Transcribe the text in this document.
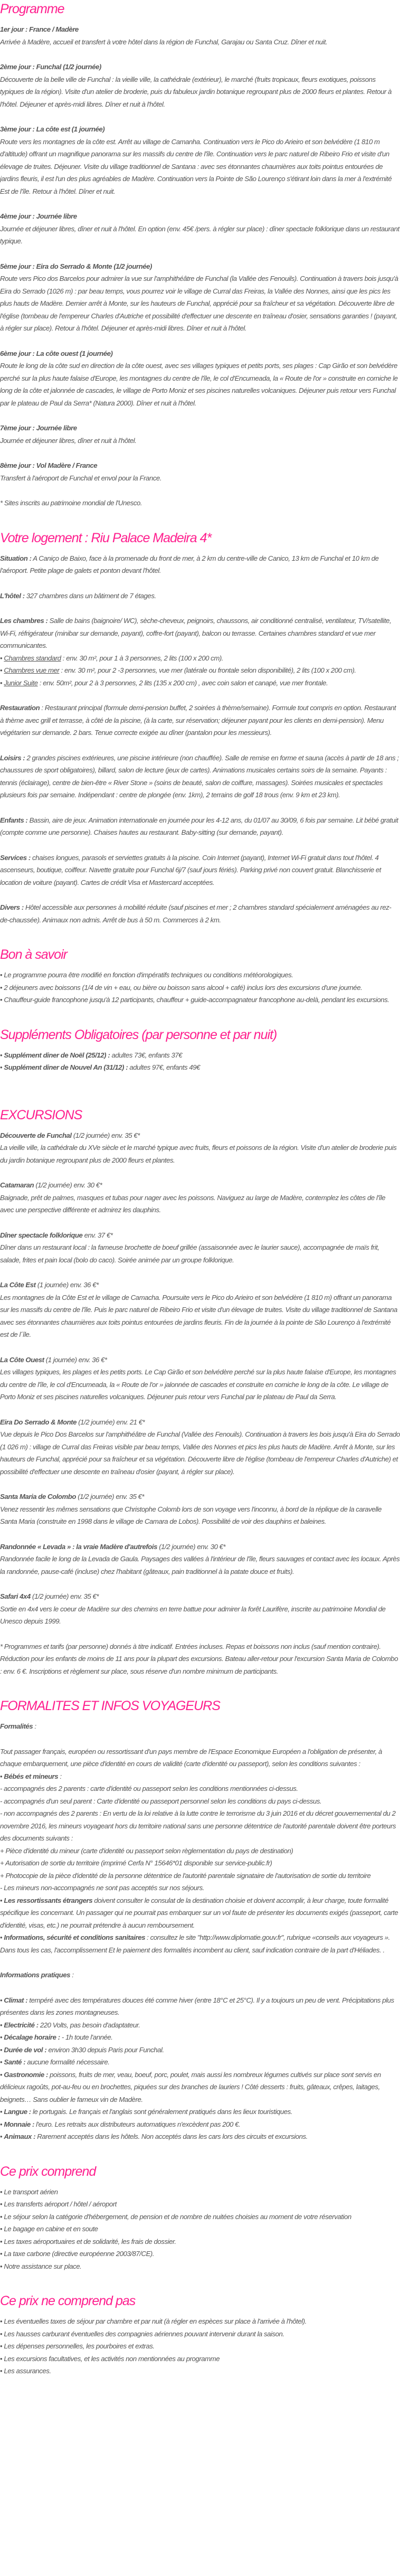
Programme

1er jour : France / Madère

Arrivée à Madère, accueil et transfert à votre hôtel dans la région de Funchal, Garajau ou Santa Cruz. Dîner et nuit.

2ème jour : Funchal (1/2 journée)

Découverte de la belle ville de Funchal : la vieille ville, la cathédrale (extérieur), le marché (fruits tropicaux, fleurs exotiques, poissons typiques de la région). Visite d'un atelier de broderie, puis du fabuleux jardin botanique regroupant plus de 2000 fleurs et plantes. Retour à l'hôtel. Déjeuner et après-midi libres. Dîner et nuit à l'hôtel.

3ème jour : La côte est (1 journée)

Route vers les montagnes de la côte est. Arrêt au village de Camanha. Continuation vers le Pico do Arieiro et son belvédère (1 810 m d'altitude) offrant un magnifique panorama sur les massifs du centre de l'île. Continuation vers le parc naturel de Ribeiro Frio et visite d'un élevage de truites. Déjeuner. Visite du village traditionnel de Santana : avec ses étonnantes chaumières aux toits pointus entourées de jardins fleuris, il est l'un des plus agréables de Madère. Continuation vers la Pointe de São Lourenço s'étirant loin dans la mer à l'extrémité Est de l'île. Retour à l'hôtel. Dîner et nuit.

4ème jour : Journée libre

Journée et déjeuner libres, dîner et nuit à l'hôtel. En option (env. 45€ /pers. à régler sur place) : dîner spectacle folklorique dans un restaurant typique.

5ème jour : Eira do Serrado & Monte (1/2 journée)

Route vers Pico dos Barcelos pour admirer la vue sur l'amphithéâtre de Funchal (la Vallée des Fenouils). Continuation à travers bois jusqu'à Eira do Serrado (1026 m) : par beau temps, vous pourrez voir le village de Curral das Freiras, la Vallée des Nonnes, ainsi que les pics les plus hauts de Madère. Dernier arrêt à Monte, sur les hauteurs de Funchal, apprécié pour sa fraîcheur et sa végétation. Découverte libre de l'église (tombeau de l'empereur Charles d'Autriche et possibilité d'effectuer une descente en traîneau d'osier, sensations garanties ! (payant, à régler sur place). Retour à l'hôtel. Déjeuner et après-midi libres. Dîner et nuit à l'hôtel.

6ème jour : La côte ouest (1 journée)

Route le long de la côte sud en direction de la côte ouest, avec ses villages typiques et petits ports, ses plages : Cap Girão et son belvédère perché sur la plus haute falaise d'Europe, les montagnes du centre de l'île, le col d'Encumeada, la « Route de l'or » construite en corniche le long de la côte et jalonnée de cascades, le village de Porto Moniz et ses piscines naturelles volcaniques. Déjeuner puis retour vers Funchal par le plateau de Paul da Serra* (Natura 2000). Dîner et nuit à l'hôtel.

7ème jour : Journée libre

Journée et déjeuner libres, dîner et nuit à l'hôtel.

8ème jour : Vol Madère / France

Transfert à l'aéroport de Funchal et envol pour la France.

* Sites inscrits au patrimoine mondial de l'Unesco.

Votre logement : Riu Palace Madeira 4*

Situation : A Caniço de Baixo, face à la promenade du front de mer, à 2 km du centre-ville de Canico, 13 km de Funchal et 10 km de l'aéroport. Petite plage de galets et ponton devant l'hôtel.

L'hôtel : 327 chambres dans un bâtiment de 7 étages.

Les chambres : Salle de bains (baignoire/ WC), sèche-cheveux, peignoirs, chaussons, air conditionné centralisé, ventilateur, TV/satellite, Wi-Fi, réfrigérateur (minibar sur demande, payant), coffre-fort (payant), balcon ou terrasse. Certaines chambres standard et vue mer communicantes.

• Chambres standard : env. 30 m², pour 1 à 3 personnes, 2 lits (100 x 200 cm).

• Chambres vue mer : env. 30 m², pour 2 -3 personnes, vue mer (latérale ou frontale selon disponibilité), 2 lits (100 x 200 cm).

• Junior Suite : env. 50m², pour 2 à 3 personnes, 2 lits (135 x 200 cm) , avec coin salon et canapé, vue mer frontale.

Restauration : Restaurant principal (formule demi-pension buffet, 2 soirées à thème/semaine). Formule tout compris en option. Restaurant à thème avec grill et terrasse, à côté de la piscine, (à la carte, sur réservation; déjeuner payant pour les clients en demi-pension). Menu végétarien sur demande. 2 bars. Tenue correcte exigée au dîner (pantalon pour les messieurs).

Loisirs : 2 grandes piscines extérieures, une piscine intérieure (non chauffée). Salle de remise en forme et sauna (accès à partir de 18 ans ; chaussures de sport obligatoires), billard, salon de lecture (jeux de cartes). Animations musicales certains soirs de la semaine. Payants : tennis (éclairage), centre de bien-être « River Stone » (soins de beauté, salon de coiffure, massages). Soirées musicales et spectacles plusieurs fois par semaine. Indépendant : centre de plongée (env. 1km), 2 terrains de golf 18 trous (env. 9 km et 23 km).

Enfants : Bassin, aire de jeux. Animation internationale en journée pour les 4-12 ans, du 01/07 au 30/09, 6 fois par semaine. Lit bébé gratuit (compte comme une personne). Chaises hautes au restaurant. Baby-sitting (sur demande, payant).

Services : chaises longues, parasols et serviettes gratuits à la piscine. Coin Internet (payant), Internet Wi-Fi gratuit dans tout l'hôtel. 4 ascenseurs, boutique, coiffeur. Navette gratuite pour Funchal 6j/7 (sauf jours fériés). Parking privé non couvert gratuit. Blanchisserie et location de voiture (payant). Cartes de crédit Visa et Mastercard acceptées.

Divers : Hôtel accessible aux personnes à mobilité réduite (sauf piscines et mer ; 2 chambres standard spécialement aménagées au rez-de-chaussée). Animaux non admis. Arrêt de bus à 50 m. Commerces à 2 km.

Bon à savoir

• Le programme pourra être modifié en fonction d'impératifs techniques ou conditions météorologiques.

• 2 déjeuners avec boissons (1/4 de vin + eau, ou bière ou boisson sans alcool + café) inclus lors des excursions d'une journée.

• Chauffeur-guide francophone jusqu'à 12 participants, chauffeur + guide-accompagnateur francophone au-delà, pendant les excursions.

Suppléments Obligatoires (par personne et par nuit)

• Supplément diner de Noël (25/12) : adultes 73€, enfants 37€

• Supplément diner de Nouvel An (31/12) : adultes 97€, enfants 49€

EXCURSIONS

Découverte de Funchal (1/2 journée) env. 35 €*

La vieille ville, la cathédrale du XVe siècle et le marché typique avec fruits, fleurs et poissons de la région. Visite d'un atelier de broderie puis du jardin botanique regroupant plus de 2000 fleurs et plantes.

Catamaran (1/2 journée) env. 30 €*

Baignade, prêt de palmes, masques et tubas pour nager avec les poissons. Naviguez au large de Madère, contemplez les côtes de l'île avec une perspective différente et admirez les dauphins.

Dîner spectacle folklorique env. 37 €*

Dîner dans un restaurant local : la fameuse brochette de boeuf grillée (assaisonnée avec le laurier sauce), accompagnée de maïs frit, salade, frites et pain local (bolo do caco). Soirée animée par un groupe folklorique.

La Côte Est (1 journée) env. 36 €*

Les montagnes de la Côte Est et le village de Camacha. Poursuite vers le Pico do Arieiro et son belvédère (1 810 m) offrant un panorama sur les massifs du centre de l'île. Puis le parc naturel de Ribeiro Frio et visite d'un élevage de truites. Visite du village traditionnel de Santana avec ses étonnantes chaumières aux toits pointus entourées de jardins fleuris. Fin de la journée à la pointe de São Lourenço à l'extrémité est de l´île.

La Côte Ouest (1 journée) env. 36 €*

Les villages typiques, les plages et les petits ports. Le Cap Girão et son belvédère perché sur la plus haute falaise d'Europe, les montagnes du centre de l'île, le col d'Encumeada, la « Route de l'or » jalonnée de cascades et construite en corniche le long de la côte. Le village de Porto Moniz et ses piscines naturelles volcaniques. Déjeuner puis retour vers Funchal par le plateau de Paul da Serra.

Eira Do Serrado & Monte (1/2 journée) env. 21 €*

Vue depuis le Pico Dos Barcelos sur l'amphithéâtre de Funchal (Vallée des Fenouils). Continuation à travers les bois jusqu'à Eira do Serrado (1 026 m) : village de Curral das Freiras visible par beau temps, Vallée des Nonnes et pics les plus hauts de Madère. Arrêt à Monte, sur les hauteurs de Funchal, apprécié pour sa fraîcheur et sa végétation. Découverte libre de l'église (tombeau de l'empereur Charles d'Autriche) et possibilité d'effectuer une descente en traîneau d'osier (payant, à régler sur place).

Santa Maria de Colombo (1/2 journée) env. 35 €*

Venez ressentir les mêmes sensations que Christophe Colomb lors de son voyage vers l'inconnu, à bord de la réplique de la caravelle Santa Maria (construite en 1998 dans le village de Camara de Lobos). Possibilité de voir des dauphins et baleines.

Randonnée « Levada » : la vraie Madère d'autrefois (1/2 journée) env. 30 €*

Randonnée facile le long de la Levada de Gaula. Paysages des vallées à l'intérieur de l'île, fleurs sauvages et contact avec les locaux. Après la randonnée, pause-café (incluse) chez l'habitant (gâteaux, pain traditionnel à la patate douce et fruits).

Safari 4x4 (1/2 journée) env. 35 €*

Sortie en 4x4 vers le coeur de Madère sur des chemins en terre battue pour admirer la forêt Laurifère, inscrite au patrimoine Mondial de Unesco depuis 1999.

* Programmes et tarifs (par personne) donnés à titre indicatif. Entrées incluses. Repas et boissons non inclus (sauf mention contraire). Réduction pour les enfants de moins de 11 ans pour la plupart des excursions. Bateau aller-retour pour l'excursion Santa Maria de Colombo : env. 6 €. Inscriptions et règlement sur place, sous réserve d'un nombre minimum de participants.

FORMALITES ET INFOS VOYAGEURS

Formalités :

Tout passager français, européen ou ressortissant d'un pays membre de l'Espace Economique Européen a l'obligation de présenter, à chaque embarquement, une pièce d'identité en cours de validité (carte d'identité ou passeport), selon les conditions suivantes :

• Bébés et mineurs :

- accompagnés des 2 parents : carte d'identité ou passeport selon les conditions mentionnées ci-dessus.

- accompagnés d'un seul parent : Carte d'identité ou passeport personnel selon les conditions du pays ci-dessus.

- non accompagnés des 2 parents : En vertu de la loi relative à la lutte contre le terrorisme du 3 juin 2016 et du décret gouvernemental du 2 novembre 2016, les mineurs voyageant hors du territoire national sans une personne détentrice de l'autorité parentale doivent être porteurs des documents suivants :

+ Pièce d'identité du mineur (carte d'identité ou passeport selon règlementation du pays de destination)

+ Autorisation de sortie du territoire (imprimé Cerfa N° 15646*01 disponible sur service-public.fr)

+ Photocopie de la pièce d'identité de la personne détentrice de l'autorité parentale signataire de l'autorisation de sortie du territoire

- Les mineurs non-accompagnés ne sont pas acceptés sur nos séjours.

• Les ressortissants étrangers doivent consulter le consulat de la destination choisie et doivent accomplir, à leur charge, toute formalité spécifique les concernant. Un passager qui ne pourrait pas embarquer sur un vol faute de présenter les documents exigés (passeport, carte d'identité, visas, etc.) ne pourrait prétendre à aucun remboursement.

• Informations, sécurité et conditions sanitaires : consultez le site "http://www.diplomatie.gouv.fr", rubrique «conseils aux voyageurs ». Dans tous les cas, l'accomplissement Et le paiement des formalités incombent au client, sauf indication contraire de la part d'Héliades. .

Informations pratiques :

• Climat : tempéré avec des températures douces été comme hiver (entre 18°C et 25°C). Il y a toujours un peu de vent. Précipitations plus présentes dans les zones montagneuses.

• Electricité : 220 Volts, pas besoin d'adaptateur.

• Décalage horaire : - 1h toute l'année.

• Durée de vol : environ 3h30 depuis Paris pour Funchal.

• Santé : aucune formalité nécessaire.

• Gastronomie : poissons, fruits de mer, veau, boeuf, porc, poulet, mais aussi les nombreux légumes cultivés sur place sont servis en délicieux ragoûts, pot-au-feu ou en brochettes, piquées sur des branches de lauriers ! Côté desserts : fruits, gâteaux, crêpes, laitages, beignets… Sans oublier le fameux vin de Madère.

• Langue : le portugais. Le français et l'anglais sont généralement pratiqués dans les lieux touristiques.

• Monnaie : l'euro. Les retraits aux distributeurs automatiques n'excèdent pas 200 €.

• Animaux : Rarement acceptés dans les hôtels. Non acceptés dans les cars lors des circuits et excursions.

Ce prix comprend

• Le transport aérien

• Les transferts aéroport / hôtel / aéroport

• Le séjour selon la catégorie d'hébergement, de pension et de nombre de nuitées choisies au moment de votre réservation

• Le bagage en cabine et en soute

• Les taxes aéroportuaires et de solidarité, les frais de dossier.

• La taxe carbone (directive européenne 2003/87/CE).

• Notre assistance sur place.

Ce prix ne comprend pas

• Les éventuelles taxes de séjour par chambre et par nuit (à régler en espèces sur place à l'arrivée à l'hôtel).

• Les hausses carburant éventuelles des compagnies aériennes pouvant intervenir durant la saison.

• Les dépenses personnelles, les pourboires et extras.

• Les excursions facultatives, et les activités non mentionnées au programme

• Les assurances.
